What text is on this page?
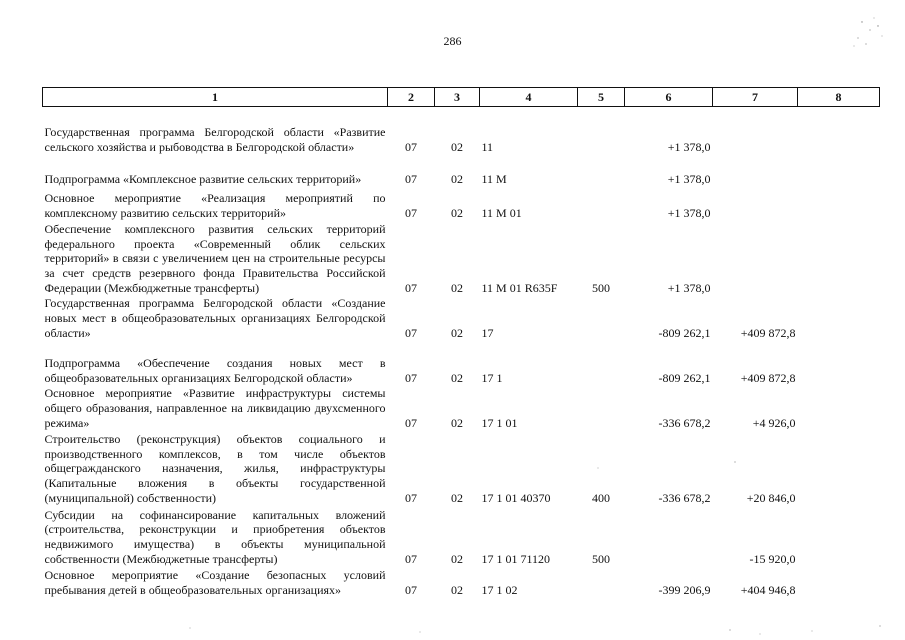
286
1	2	3	4	5	6	7	8
Государственная программа Белгородской области «Развитие сельского хозяйства и рыбоводства в Белгородской области»	07	02	11		+1 378,0		
Подпрограмма «Комплексное развитие сельских территорий»	07	02	11 М		+1 378,0		
Основное мероприятие «Реализация мероприятий по комплексному развитию сельских территорий»	07	02	11 М 01		+1 378,0		
Обеспечение комплексного развития сельских территорий федерального проекта «Современный облик сельских территорий» в связи с увеличением цен на строительные ресурсы за счет средств резервного фонда Правительства Российской Федерации (Межбюджетные трансферты)	07	02	11 М 01 R635F	500	+1 378,0		
Государственная программа Белгородской области «Создание новых мест в общеобразовательных организациях Белгородской области»	07	02	17		-809 262,1	+409 872,8	
Подпрограмма «Обеспечение создания новых мест в общеобразовательных организациях Белгородской области»	07	02	17 1		-809 262,1	+409 872,8	
Основное мероприятие «Развитие инфраструктуры системы общего образования, направленное на ликвидацию двухсменного режима»	07	02	17 1 01		-336 678,2	+4 926,0	
Строительство (реконструкция) объектов социального и производственного комплексов, в том числе объектов общегражданского назначения, жилья, инфраструктуры (Капитальные вложения в объекты государственной (муниципальной) собственности)	07	02	17 1 01 40370	400	-336 678,2	+20 846,0	
Субсидии на софинансирование капитальных вложений (строительства, реконструкции и приобретения объектов недвижимого имущества) в объекты муниципальной собственности (Межбюджетные трансферты)	07	02	17 1 01 71120	500		-15 920,0	
Основное мероприятие «Создание безопасных условий пребывания детей в общеобразовательных организациях»	07	02	17 1 02		-399 206,9	+404 946,8	
